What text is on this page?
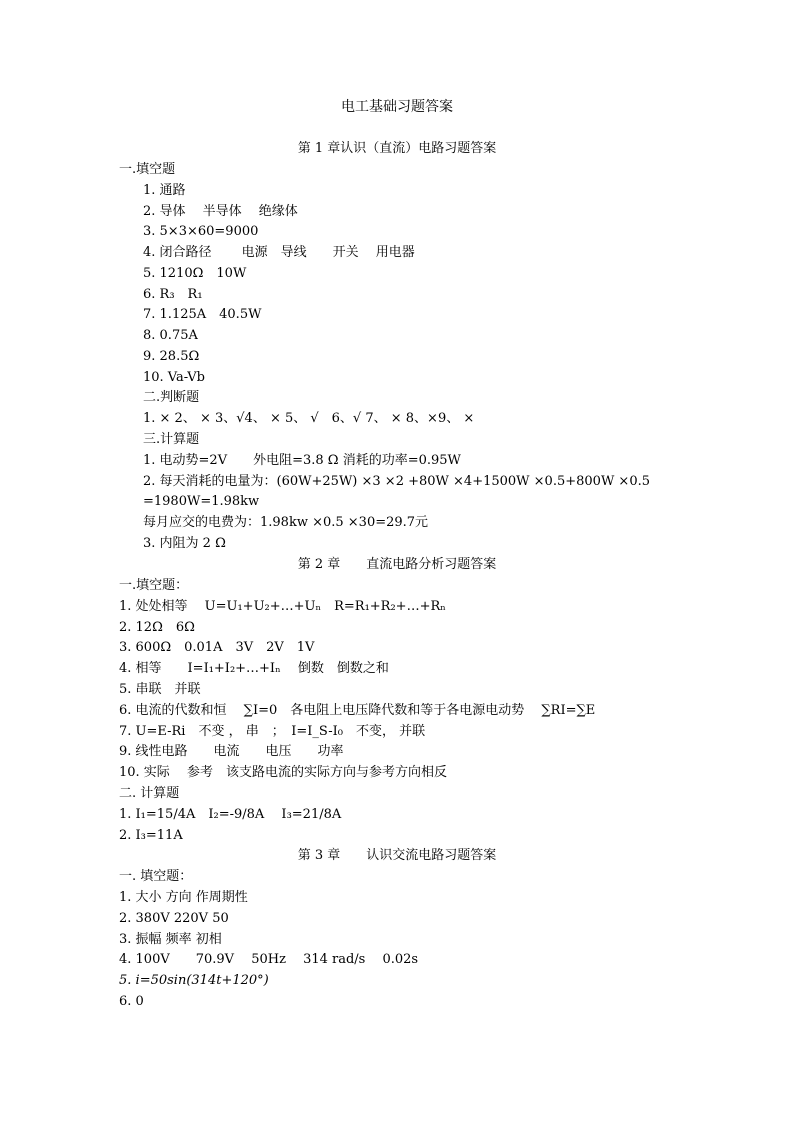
电工基础习题答案
第 1 章认识（直流）电路习题答案
一.填空题
1. 通路
2. 导体　 半导体　 绝缘体
3. 5×3×60=9000
4. 闭合路径　　 电源　导线　　开关　 用电器
5. 1210Ω　10W
6. R₃　R₁
7. 1.125A　40.5W
8. 0.75A
9. 28.5Ω
10. Va-Vb
二.判断题
1. × 2、 × 3、√4、 × 5、 √　6、√ 7、 × 8、×9、 ×
三.计算题
1. 电动势=2V　　外电阻=3.8 Ω 消耗的功率=0.95W
2. 每天消耗的电量为：(60W+25W) ×3 ×2 +80W ×4+1500W ×0.5+800W ×0.5
=1980W=1.98kw
每月应交的电费为：1.98kw ×0.5 ×30=29.7元
3. 内阻为 2 Ω
第 2 章　　直流电路分析习题答案
一.填空题：
1. 处处相等　 U=U₁+U₂+…+Uₙ　R=R₁+R₂+…+Rₙ
2. 12Ω　6Ω
3. 600Ω　0.01A　3V　2V　1V
4. 相等　　I=I₁+I₂+…+Iₙ　 倒数　倒数之和
5. 串联　并联
6. 电流的代数和恒　 ∑I=0　各电阻上电压降代数和等于各电源电动势　 ∑RI=∑E
7. U=E-Ri　不变 ， 串　；　I=I_S-I₀　不变， 并联
9. 线性电路　　电流　　电压　　功率
10. 实际　 参考　该支路电流的实际方向与参考方向相反
二. 计算题
1. I₁=15/4A　I₂=-9/8A　 I₃=21/8A
2. I₃=11A
第 3 章　　认识交流电路习题答案
一. 填空题：
1. 大小 方向 作周期性
2. 380V 220V 50
3. 振幅 频率 初相
4. 100V　　70.9V　 50Hz　 314 rad/s　 0.02s
5. i=50sin(314t+120°)
6. 0
